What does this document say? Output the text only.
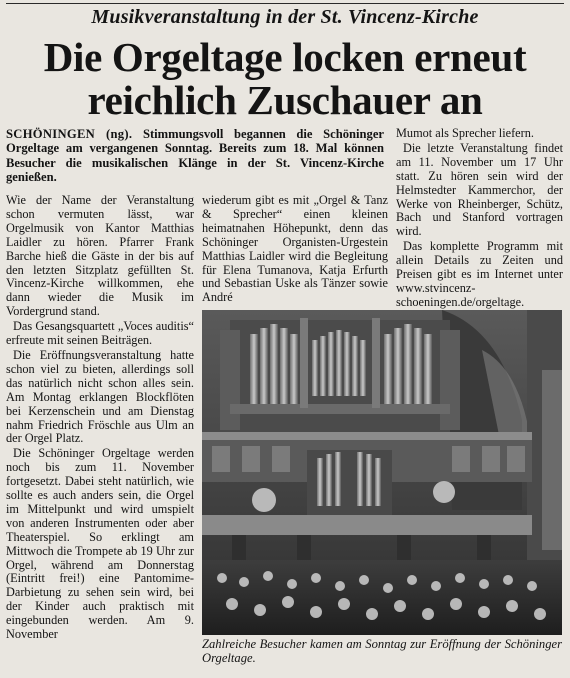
Musikveranstaltung in der St. Vincenz-Kirche
Die Orgeltage locken erneut
reichlich Zuschauer an
SCHÖNINGEN (ng). Stimmungsvoll begannen die Schöninger Orgeltage am vergangenen Sonntag. Bereits zum 18. Mal können Besucher die musikalischen Klänge in der St. Vincenz-Kirche genießen.

Wie der Name der Veranstaltung schon vermuten lässt, war Orgelmusik von Kantor Matthias Laidler zu hören. Pfarrer Frank Barche hieß die Gäste in der bis auf den letzten Sitzplatz gefüllten St. Vincenz-Kirche willkommen, ehe dann wieder die Musik im Vordergrund stand.

Das Gesangsquartett „Voces auditis“ erfreute mit seinen Beiträgen.

Die Eröffnungsveranstaltung hatte schon viel zu bieten, allerdings soll das natürlich nicht schon alles sein. Am Montag erklangen Blockflöten bei Kerzenschein und am Dienstag nahm Friedrich Fröschle aus Ulm an der Orgel Platz.

Die Schöninger Orgeltage werden noch bis zum 11. November fortgesetzt. Dabei steht natürlich, wie sollte es auch anders sein, die Orgel im Mittelpunkt und wird umspielt von anderen Instrumenten oder aber Theaterspiel. So erklingt am Mittwoch die Trompete ab 19 Uhr zur Orgel, während am Donnerstag (Eintritt frei!) eine Pantomime-Darbietung zu sehen sein wird, bei der Kinder auch praktisch mit eingebunden werden. Am 9. November

wiederum gibt es mit „Orgel & Tanz & Sprecher“ einen kleinen heimatnahen Höhepunkt, denn das Schöninger Organisten-Urgestein Matthias Laidler wird die Begleitung für Elena Tumanova, Katja Erfurth und Sebastian Uske als Tänzer sowie André

Mumot als Sprecher liefern.

Die letzte Veranstaltung findet am 11. November um 17 Uhr statt. Zu hören sein wird der Helmstedter Kammerchor, der Werke von Rheinberger, Schütz, Bach und Stanford vortragen wird.

Das komplette Programm mit allein Details zu Zeiten und Preisen gibt es im Internet unter www.stvincenz-schoeningen.de/orgeltage.

Zahlreiche Besucher kamen am Sonntag zur Eröffnung der Schöninger Orgeltage.
